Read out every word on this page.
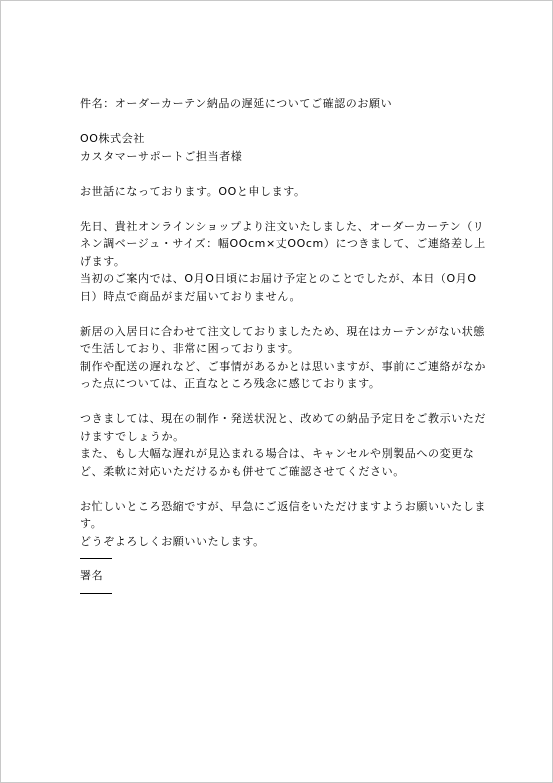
件名：オーダーカーテン納品の遅延についてご確認のお願い
OO株式会社
カスタマーサポートご担当者様
お世話になっております。OOと申します。
先日、貴社オンラインショップより注文いたしました、オーダーカーテン（リ
ネン調ベージュ・サイズ：幅OOcm×丈OOcm）につきまして、ご連絡差し上
げます。
当初のご案内では、O月O日頃にお届け予定とのことでしたが、本日（O月O
日）時点で商品がまだ届いておりません。
新居の入居日に合わせて注文しておりましたため、現在はカーテンがない状態
で生活しており、非常に困っております。
制作や配送の遅れなど、ご事情があるかとは思いますが、事前にご連絡がなか
った点については、正直なところ残念に感じております。
つきましては、現在の制作・発送状況と、改めての納品予定日をご教示いただ
けますでしょうか。
また、もし大幅な遅れが見込まれる場合は、キャンセルや別製品への変更な
ど、柔軟に対応いただけるかも併せてご確認させてください。
お忙しいところ恐縮ですが、早急にご返信をいただけますようお願いいたしま
す。
どうぞよろしくお願いいたします。
署名
